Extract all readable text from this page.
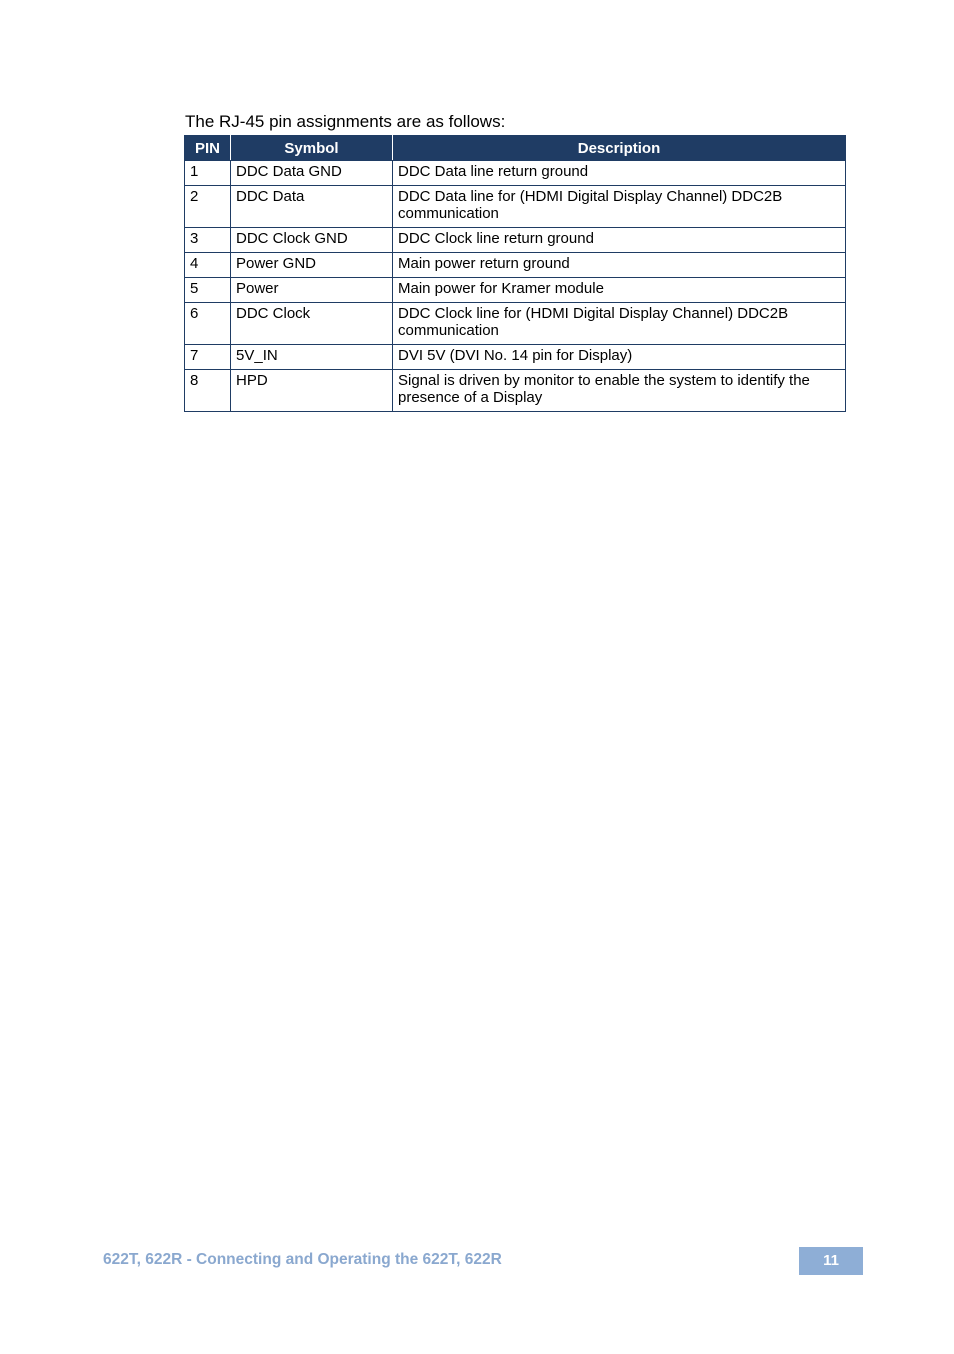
The RJ-45 pin assignments are as follows:
PIN	Symbol	Description
1	DDC Data GND	DDC Data line return ground
2	DDC Data	DDC Data line for (HDMI Digital Display Channel) DDC2B communication
3	DDC Clock GND	DDC Clock line return ground
4	Power GND	Main power return ground
5	Power	Main power for Kramer module
6	DDC Clock	DDC Clock line for (HDMI Digital Display Channel) DDC2B communication
7	5V_IN	DVI 5V (DVI No. 14 pin for Display)
8	HPD	Signal is driven by monitor to enable the system to identify the presence of a Display
622T, 622R - Connecting and Operating the 622T, 622R	11
